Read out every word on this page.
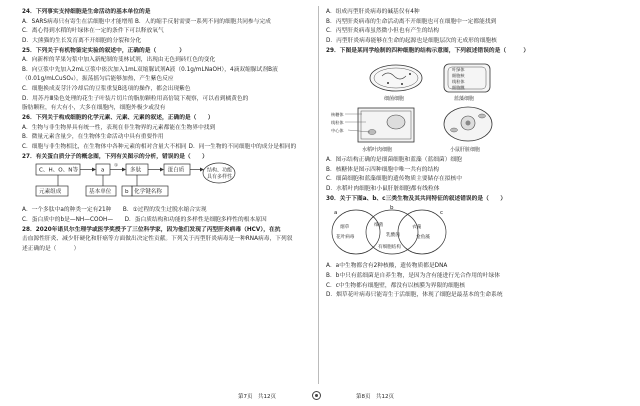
24．下列事实支持细胞是生命活动的基本单位的是
A．SARS病毒只有寄生在活细胞中才能增殖 B．人的缩手反射需要一系列不同的细胞共同参与完成
C．离心得到水稻的叶绿体在一定的条件下可以释放氧气
D．大熊猫的生长发育离不开细胞的分裂和分化
25．下列关于有机物鉴定实验的叙述中，正确的是（　　　　）
A．向新榨的苹果匀浆中加入新配制的斐林试剂，出现由无色到砖红色的变化
B．向豆浆中先加入2mL豆浆中依次加入1mL双缩脲试剂A液（0.1g/mLNaOH），4滴双缩脲试剂B液
（0.01g/mLCuSO₄），振荡摇匀后能够加热，产生紫色反应
C．细胞换成麦芽汁冷却后的豆浆重复B选项的操作，都会出现紫色
D．用苏丹Ⅲ染色处理的花生子叶装片切片的脂肪颗粒用高倍镜下观察，可以看到橘黄色的
脂肪颗粒，有大有小，大多在细胞内，细胞外极少或没有
26．下列关于构成细胞的化学元素、元素、元素的叙述，正确的是（　　）
A．生物与非生物界具有统一性，表现在非生物界的元素都能在生物界中找到
B．微量元素含量少，在生物体生命活动中具有重要作用
C．细胞与非生物相比，在生物体中各种元素的相对含量大不相同 D．同一生物的不同细胞中的成分是相同的
27．有关蛋白质分子的概念图，下列有关图示的分析，错误的是（　　）
C、H、O、N等	a
①
多肽	蛋白质	结构、功能
具有多样性
元素组成	基本单位 b 化学键名称
A．一个多肽中a的种类一定有21种　　B．①过程的发生过脱水缩合实现
C．蛋白质中的b是—NH—COOH—　　D．蛋白质结构和功能的多样性是细胞多样性的根本原因
28．2020年诺贝尔生理学或医学奖授予了三位科学家，因为他们发现了丙型肝炎病毒（HCV），在抗
击血源性肝炎、减少肝硬化和肝癌等方面做出决定性贡献。下列关于丙型肝炎病毒是一种RNA病毒，下列叙
述正确的是（　　　）
A．组成丙型肝炎病毒的碱基仅有4种
B．丙型肝炎病毒的生命活动离不开细胞也可在细胞中一定都能找到
C．丙型肝炎病毒虽然微小但也有产生的结构
D．丙型肝炎病毒能够在生命的起源也是细胞层次的无成形的细胞核
29．下图是某同学绘制的四种细胞的结构示意图，下列叙述错误的是（　　　）
细菌细胞
叶绿体
细胞核
线粒体
细胞膜
蓝藻细胞
核糖体
线粒体
中心体
水稻叶肉细胞	小鼠肝脏细胞
A．图示结构正确的是细菌细胞和蓝藻（蓝细菌）细胞
B．核糖体是图示四种细胞中唯一共有的结构
C．细菌细胞和蓝藻细胞的遗传物质主要储存在拟核中
D．水稻叶肉细胞和小鼠肝脏细胞都有线粒体
30．关于下图a、b、c三类生物及其共同特征的叙述错误的是（　　）
a
b
c
烟草
花叶病毒
细菌
乳酸菌
衣藻
金鱼藻
有细胞结构
A．a中生物都含有2种核酸，遗传物质都是DNA
B．b中只有蓝细菌是自养生物，是因为含有能进行光合作用的叶绿体
C．c中生物都有细胞壁，都没有以核膜为界限的细胞核
D．烟草花叶病毒只能寄生于活细胞，体现了细胞是最基本的生命系统
第7页　共12页	第8页　共12页
